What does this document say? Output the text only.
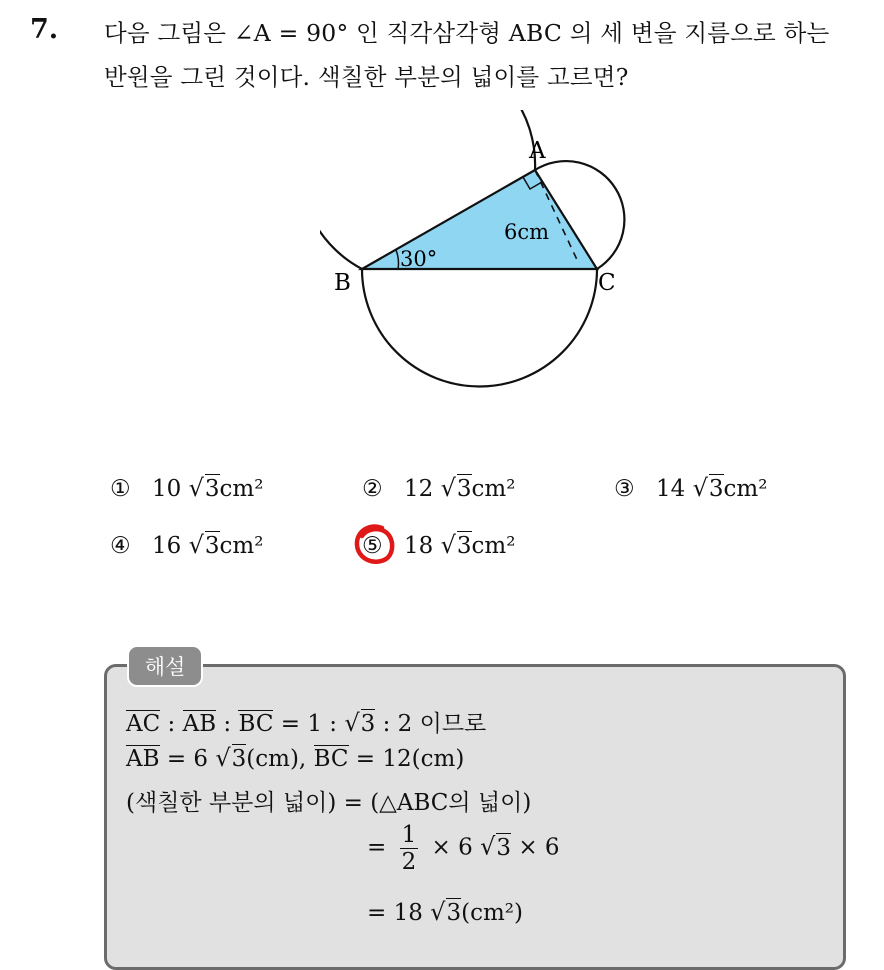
7. 다음 그림은 ∠A = 90° 인 직각삼각형 ABC 의 세 변을 지름으로 하는
반원을 그린 것이다. 색칠한 부분의 넓이를 고르면?
A
B	C
30°
6cm
① 10 √3cm²	② 12 √3cm²	③ 14 √3cm²
④ 16 √3cm²	⑤ 18 √3cm²
해설
AC : AB : BC = 1 : √3 : 2 이므로
AB = 6 √3(cm), BC = 12(cm)
(색칠한 부분의 넓이) = (△ABC의 넓이)
= $\frac{1}{2} \times 6$ √3 × 6
= 18 √3(cm²)
